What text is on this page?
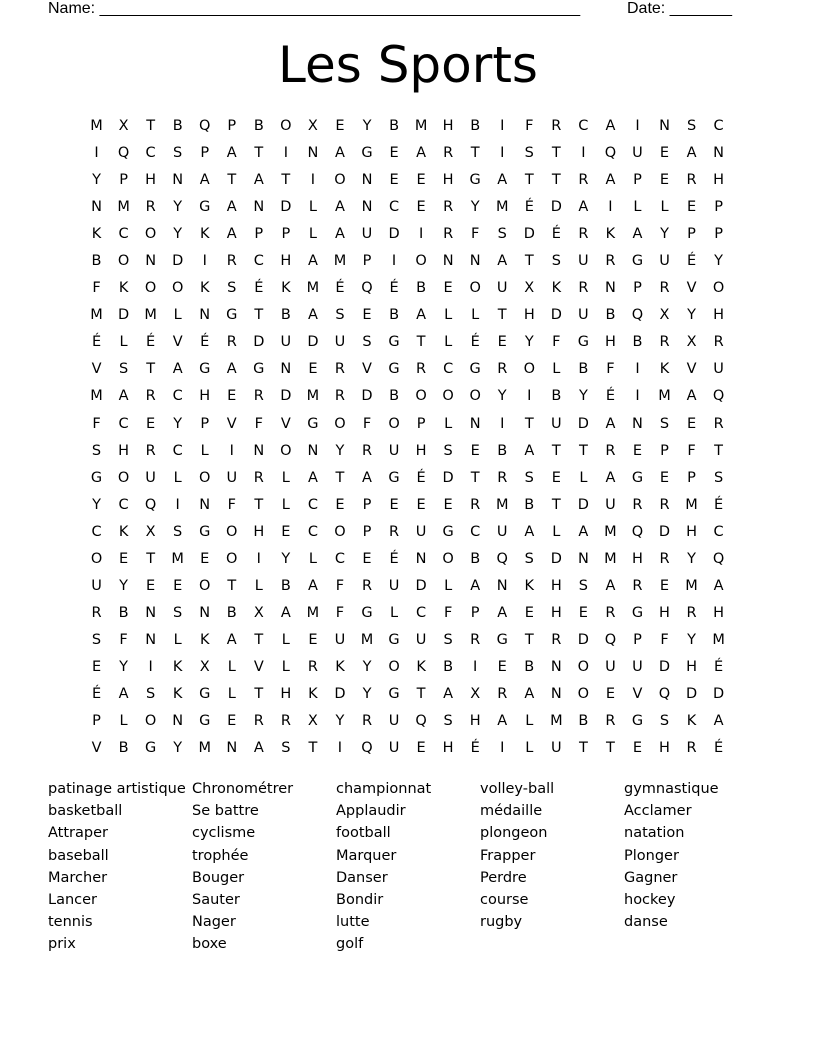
Name: ______________________________________________________	Date: _______
Les Sports
M	X	T	B	Q	P	B	O	X	E	Y	B	M	H	B	I	F	R	C	A	I	N	S	C
I	Q	C	S	P	A	T	I	N	A	G	E	A	R	T	I	S	T	I	Q	U	E	A	N
Y	P	H	N	A	T	A	T	I	O	N	E	E	H	G	A	T	T	R	A	P	E	R	H
N	M	R	Y	G	A	N	D	L	A	N	C	E	R	Y	M	É	D	A	I	L	L	E	P
K	C	O	Y	K	A	P	P	L	A	U	D	I	R	F	S	D	É	R	K	A	Y	P	P
B	O	N	D	I	R	C	H	A	M	P	I	O	N	N	A	T	S	U	R	G	U	É	Y
F	K	O	O	K	S	É	K	M	É	Q	É	B	E	O	U	X	K	R	N	P	R	V	O
M	D	M	L	N	G	T	B	A	S	E	B	A	L	L	T	H	D	U	B	Q	X	Y	H
É	L	É	V	É	R	D	U	D	U	S	G	T	L	É	E	Y	F	G	H	B	R	X	R
V	S	T	A	G	A	G	N	E	R	V	G	R	C	G	R	O	L	B	F	I	K	V	U
M	A	R	C	H	E	R	D	M	R	D	B	O	O	O	Y	I	B	Y	É	I	M	A	Q
F	C	E	Y	P	V	F	V	G	O	F	O	P	L	N	I	T	U	D	A	N	S	E	R
S	H	R	C	L	I	N	O	N	Y	R	U	H	S	E	B	A	T	T	R	E	P	F	T
G	O	U	L	O	U	R	L	A	T	A	G	É	D	T	R	S	E	L	A	G	E	P	S
Y	C	Q	I	N	F	T	L	C	E	P	E	E	E	R	M	B	T	D	U	R	R	M	É
C	K	X	S	G	O	H	E	C	O	P	R	U	G	C	U	A	L	A	M	Q	D	H	C
O	E	T	M	E	O	I	Y	L	C	E	É	N	O	B	Q	S	D	N	M	H	R	Y	Q
U	Y	E	E	O	T	L	B	A	F	R	U	D	L	A	N	K	H	S	A	R	E	M	A
R	B	N	S	N	B	X	A	M	F	G	L	C	F	P	A	E	H	E	R	G	H	R	H
S	F	N	L	K	A	T	L	E	U	M	G	U	S	R	G	T	R	D	Q	P	F	Y	M
E	Y	I	K	X	L	V	L	R	K	Y	O	K	B	I	E	B	N	O	U	U	D	H	É
É	A	S	K	G	L	T	H	K	D	Y	G	T	A	X	R	A	N	O	E	V	Q	D	D
P	L	O	N	G	E	R	R	X	Y	R	U	Q	S	H	A	L	M	B	R	G	S	K	A
V	B	G	Y	M	N	A	S	T	I	Q	U	E	H	É	I	L	U	T	T	E	H	R	É
patinage artistique
basketball
Attraper
baseball
Marcher
Lancer
tennis
prix
Chronométrer
Se battre
cyclisme
trophée
Bouger
Sauter
Nager
boxe
championnat
Applaudir
football
Marquer
Danser
Bondir
lutte
golf
volley-ball
médaille
plongeon
Frapper
Perdre
course
rugby
gymnastique
Acclamer
natation
Plonger
Gagner
hockey
danse
